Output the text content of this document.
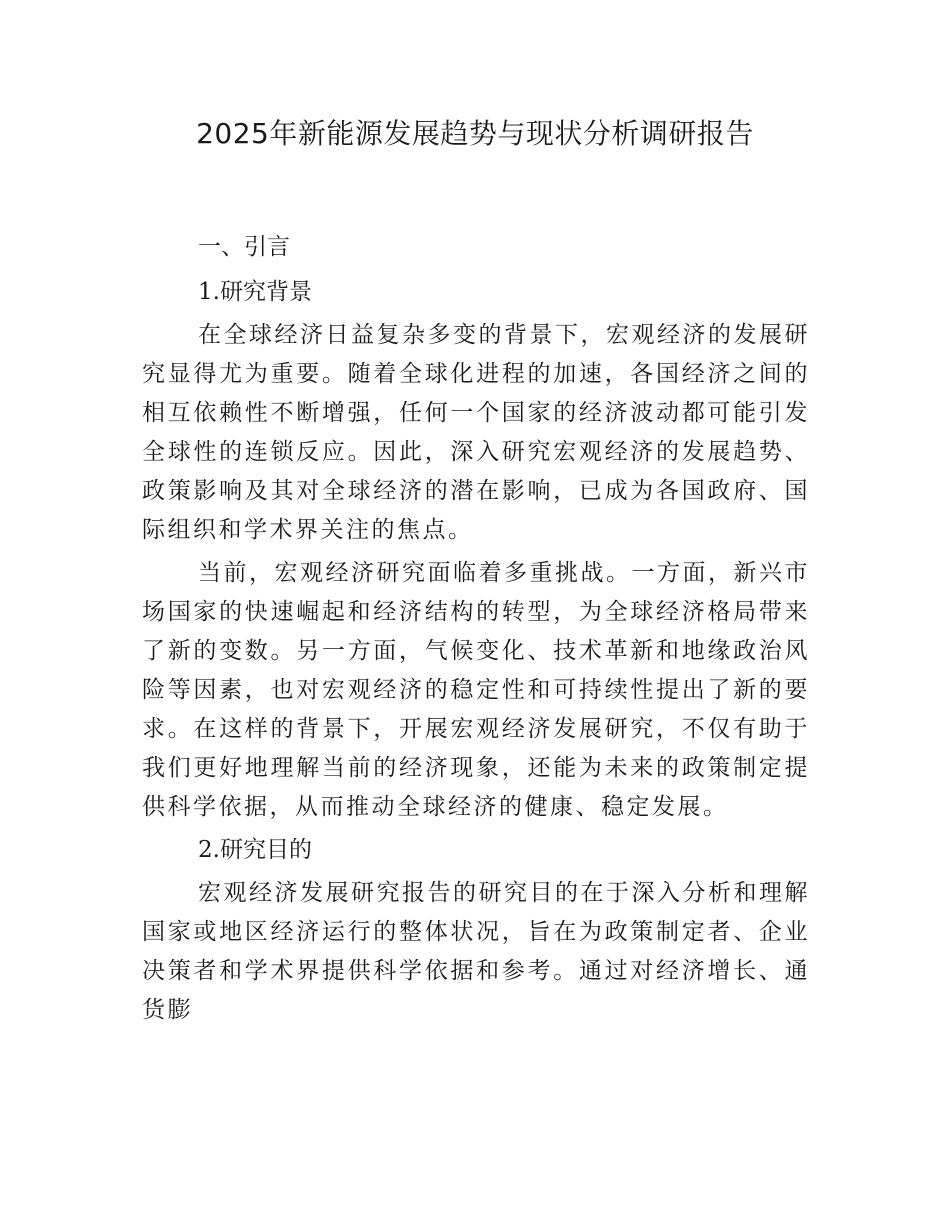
2025年新能源发展趋势与现状分析调研报告
一、引言
1.研究背景

在全球经济日益复杂多变的背景下，宏观经济的发展研究显得尤为重要。随着全球化进程的加速，各国经济之间的相互依赖性不断增强，任何一个国家的经济波动都可能引发全球性的连锁反应。因此，深入研究宏观经济的发展趋势、政策影响及其对全球经济的潜在影响，已成为各国政府、国际组织和学术界关注的焦点。

当前，宏观经济研究面临着多重挑战。一方面，新兴市场国家的快速崛起和经济结构的转型，为全球经济格局带来了新的变数。另一方面，气候变化、技术革新和地缘政治风险等因素，也对宏观经济的稳定性和可持续性提出了新的要求。在这样的背景下，开展宏观经济发展研究，不仅有助于我们更好地理解当前的经济现象，还能为未来的政策制定提供科学依据，从而推动全球经济的健康、稳定发展。

2.研究目的

宏观经济发展研究报告的研究目的在于深入分析和理解国家或地区经济运行的整体状况，旨在为政策制定者、企业决策者和学术界提供科学依据和参考。通过对经济增长、通货膨
